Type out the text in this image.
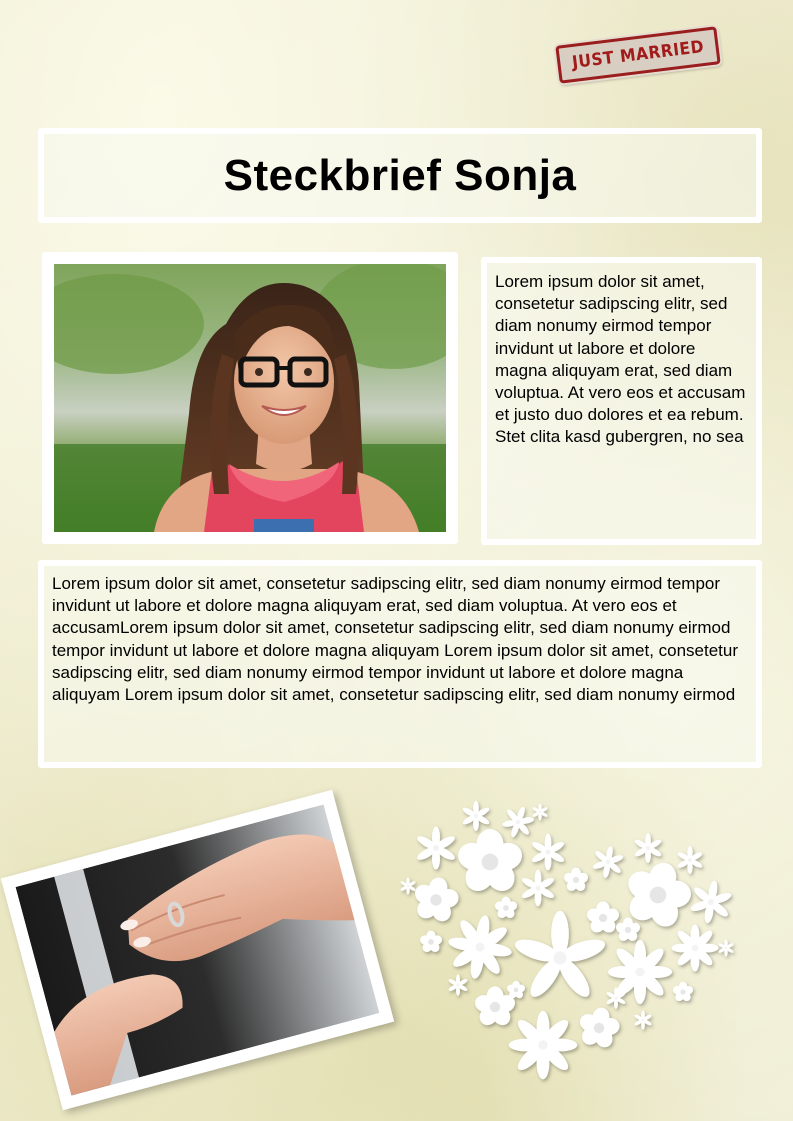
JUST MARRIED
Steckbrief Sonja

Lorem ipsum dolor sit amet, consetetur sadipscing elitr, sed diam nonumy eirmod tempor invidunt ut labore et dolore magna aliquyam erat, sed diam voluptua. At vero eos et accusam et justo duo dolores et ea rebum. Stet clita kasd gubergren, no sea

Lorem ipsum dolor sit amet, consetetur sadipscing elitr, sed diam nonumy eirmod tempor invidunt ut labore et dolore magna aliquyam erat, sed diam voluptua. At vero eos et accusamLorem ipsum dolor sit amet, consetetur sadipscing elitr, sed diam nonumy eirmod tempor invidunt ut labore et dolore magna aliquyam Lorem ipsum dolor sit amet, consetetur sadipscing elitr, sed diam nonumy eirmod tempor invidunt ut labore et dolore magna aliquyam Lorem ipsum dolor sit amet, consetetur sadipscing elitr, sed diam nonumy eirmod
